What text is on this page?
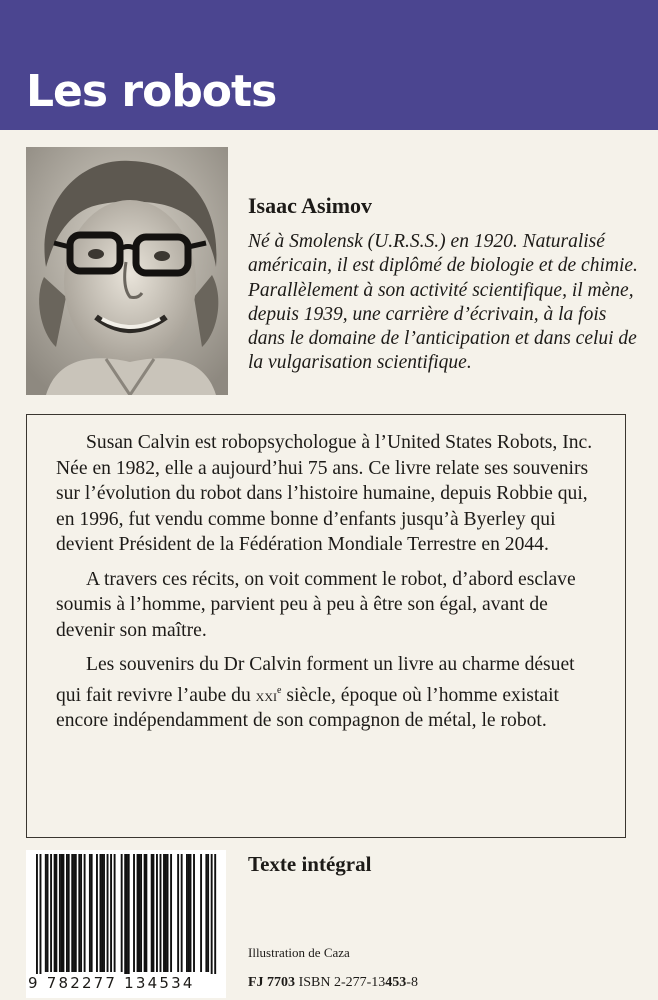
Les robots
Isaac Asimov

Né à Smolensk (U.R.S.S.) en 1920. Naturalisé américain, il est diplômé de biologie et de chimie. Parallèlement à son activité scientifique, il mène, depuis 1939, une carrière d’écrivain, à la fois dans le domaine de l’anticipation et dans celui de la vulgarisation scientifique.

Susan Calvin est robopsychologue à l’United States Robots, Inc. Née en 1982, elle a aujourd’hui 75 ans. Ce livre relate ses souvenirs sur l’évolution du robot dans l’histoire humaine, depuis Robbie qui, en 1996, fut vendu comme bonne d’enfants jusqu’à Byerley qui devient Président de la Fédération Mondiale Terrestre en 2044.

A travers ces récits, on voit comment le robot, d’abord esclave soumis à l’homme, parvient peu à peu à être son égal, avant de devenir son maître.

Les souvenirs du Dr Calvin forment un livre au charme désuet qui fait revivre l’aube du xxi$^e$ siècle, époque où l’homme existait encore indépendamment de son compagnon de métal, le robot.

9 782277 134534
Texte intégral
Illustration de Caza
FJ 7703 ISBN 2-277-13453-8
